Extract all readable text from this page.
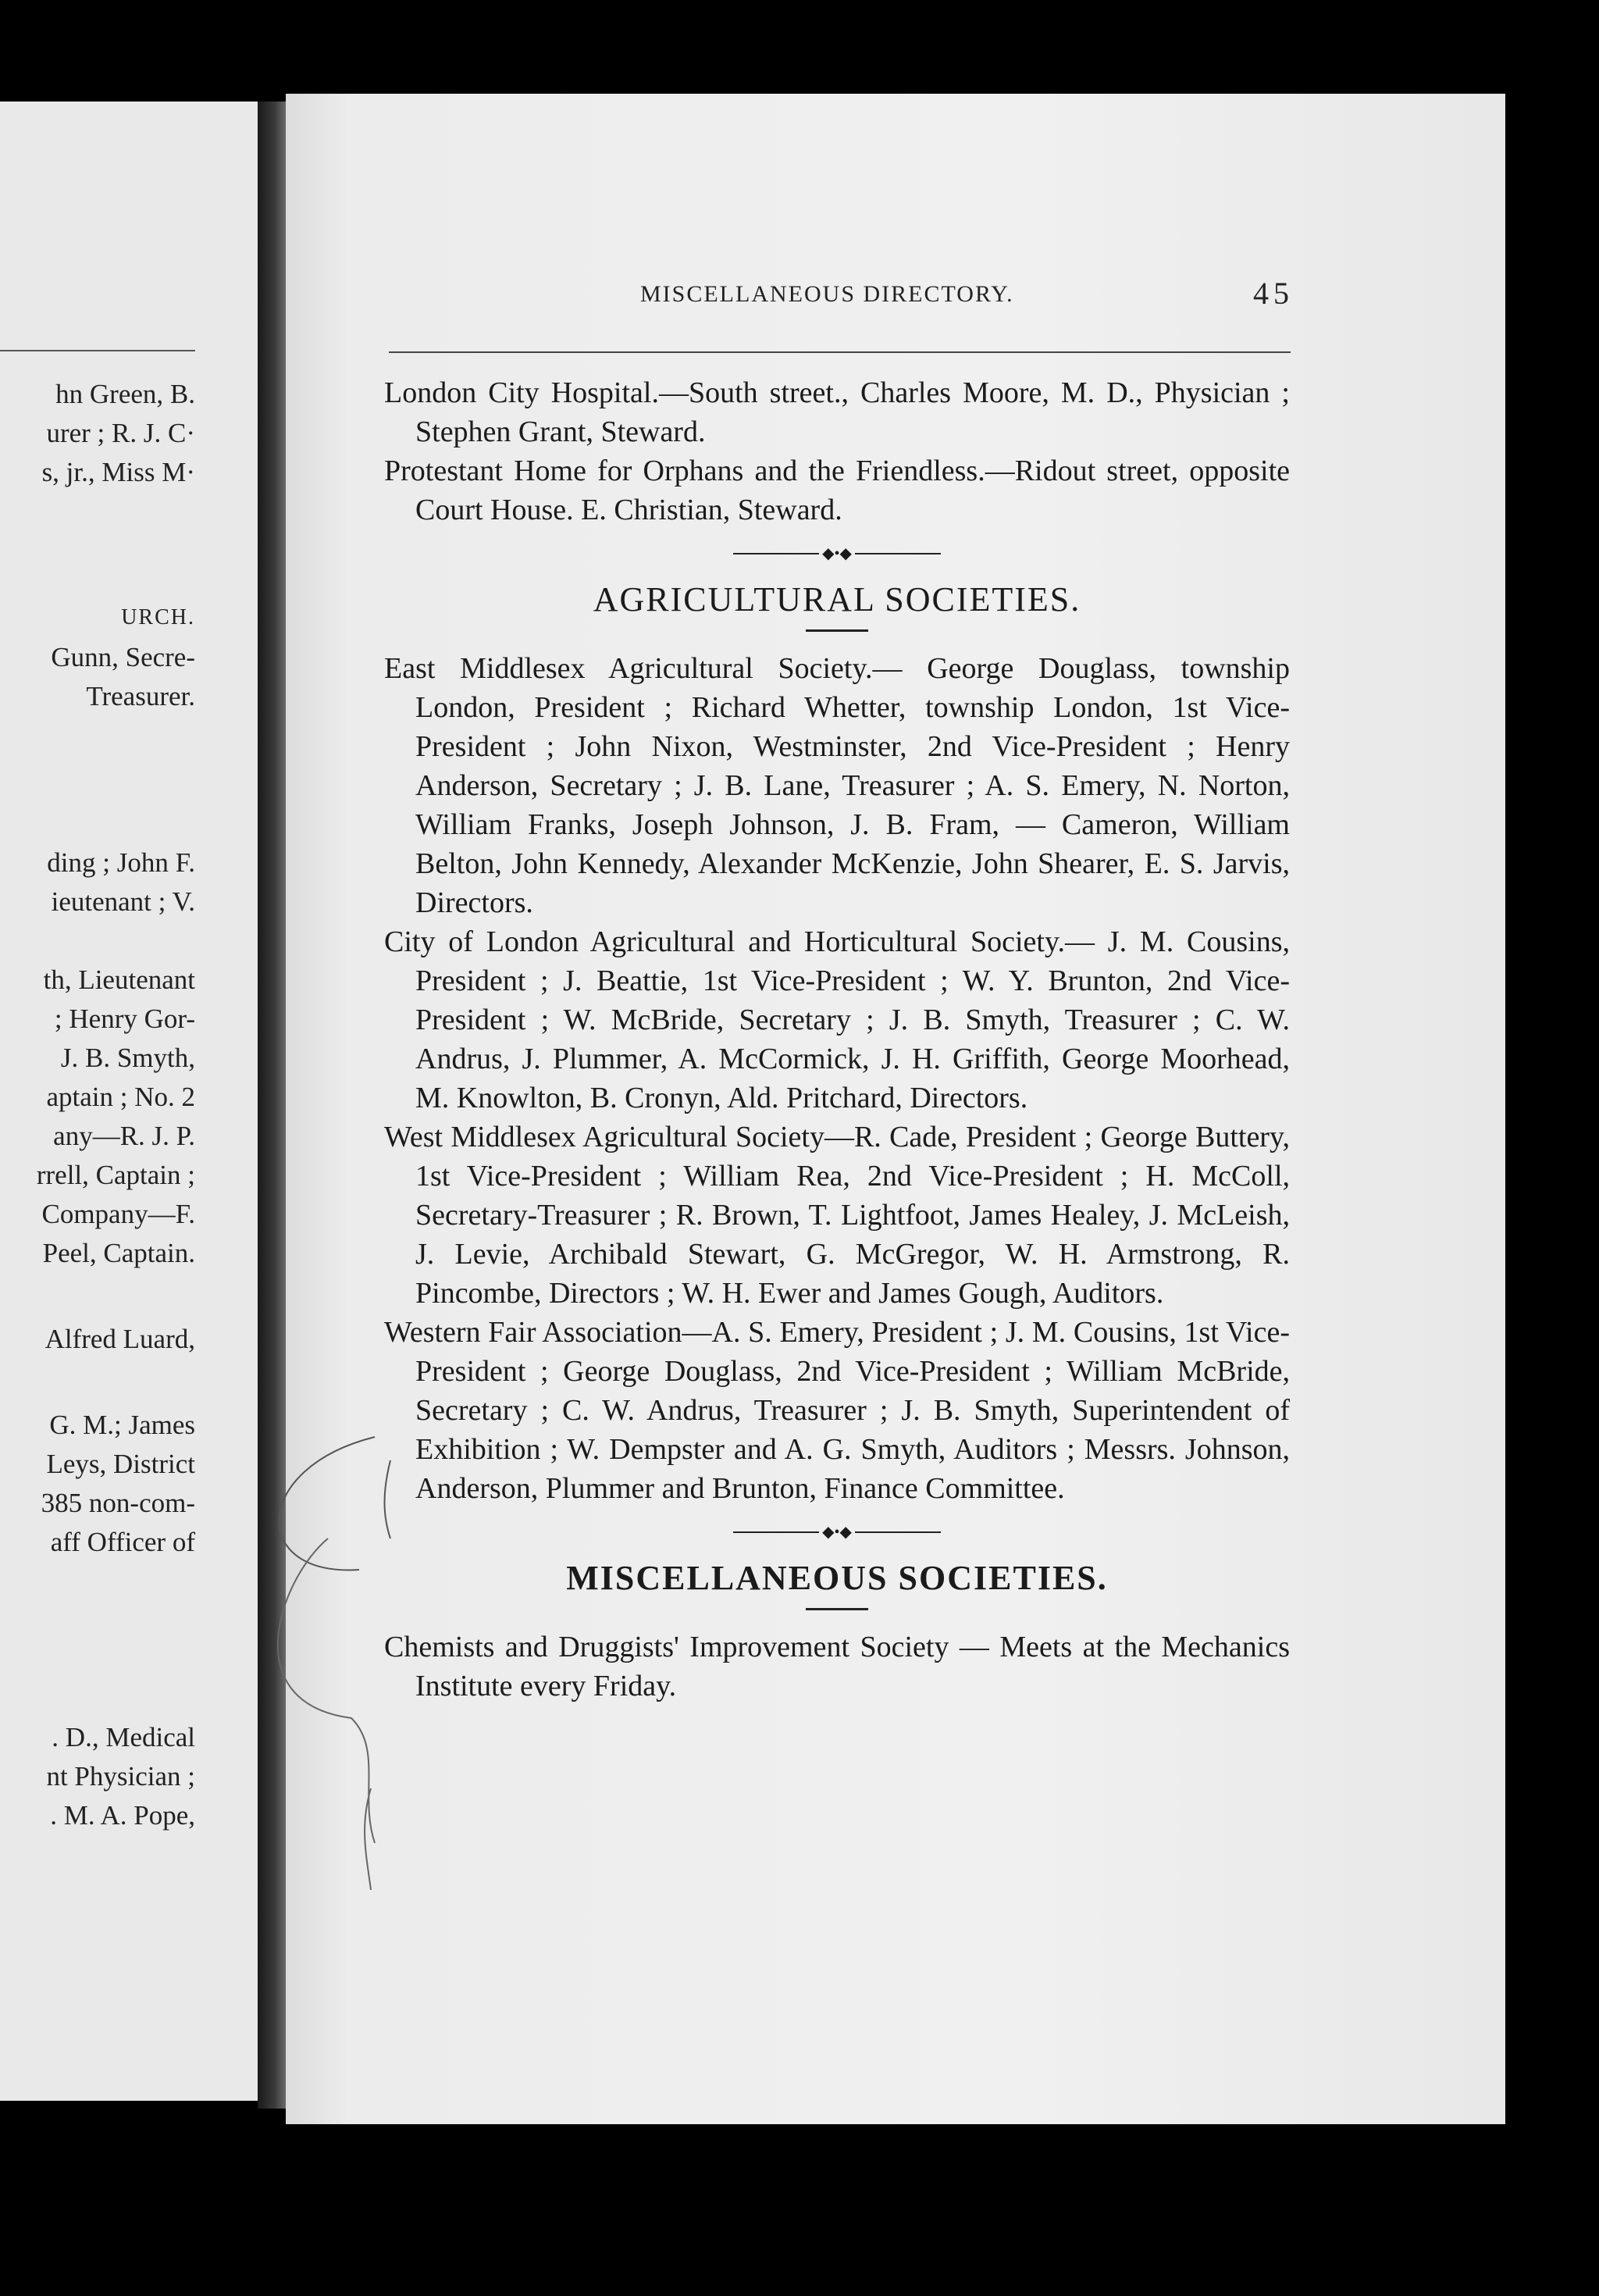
hn Green, B.
urer ; R. J. C·
s, jr., Miss M·
URCH.
Gunn, Secre-
Treasurer.
ding ; John F.
ieutenant ; V.
th, Lieutenant
; Henry Gor-
J. B. Smyth,
aptain ; No. 2
any—R. J. P.
rrell, Captain ;
Company—F.
Peel, Captain.
Alfred Luard,
G. M.; James
Leys, District
385 non-com-
aff Officer of
. D., Medical
nt Physician ;
. M. A. Pope,
MISCELLANEOUS DIRECTORY.	45

London City Hospital.—South street., Charles Moore, M. D., Physician ; Stephen Grant, Steward.

Protestant Home for Orphans and the Friendless.—Ridout street, opposite Court House. E. Christian, Steward.

◆•◆
AGRICULTURAL SOCIETIES.

East Middlesex Agricultural Society.— George Douglass, township London, President ; Richard Whetter, township London, 1st Vice-President ; John Nixon, Westminster, 2nd Vice-President ; Henry Anderson, Secretary ; J. B. Lane, Treasurer ; A. S. Emery, N. Norton, William Franks, Joseph Johnson, J. B. Fram, — Cameron, William Belton, John Kennedy, Alexander McKenzie, John Shearer, E. S. Jarvis, Directors.

City of London Agricultural and Horticultural Society.— J. M. Cousins, President ; J. Beattie, 1st Vice-President ; W. Y. Brunton, 2nd Vice-President ; W. McBride, Secretary ; J. B. Smyth, Treasurer ; C. W. Andrus, J. Plummer, A. McCormick, J. H. Griffith, George Moorhead, M. Knowlton, B. Cronyn, Ald. Pritchard, Directors.

West Middlesex Agricultural Society—R. Cade, President ; George Buttery, 1st Vice-President ; William Rea, 2nd Vice-President ; H. McColl, Secretary-Treasurer ; R. Brown, T. Lightfoot, James Healey, J. McLeish, J. Levie, Archibald Stewart, G. McGregor, W. H. Armstrong, R. Pincombe, Directors ; W. H. Ewer and James Gough, Auditors.

Western Fair Association—A. S. Emery, President ; J. M. Cousins, 1st Vice-President ; George Douglass, 2nd Vice-President ; William McBride, Secretary ; C. W. Andrus, Treasurer ; J. B. Smyth, Superintendent of Exhibition ; W. Dempster and A. G. Smyth, Auditors ; Messrs. Johnson, Anderson, Plummer and Brunton, Finance Committee.

◆•◆
MISCELLANEOUS SOCIETIES.

Chemists and Druggists' Improvement Society — Meets at the Mechanics Institute every Friday.
